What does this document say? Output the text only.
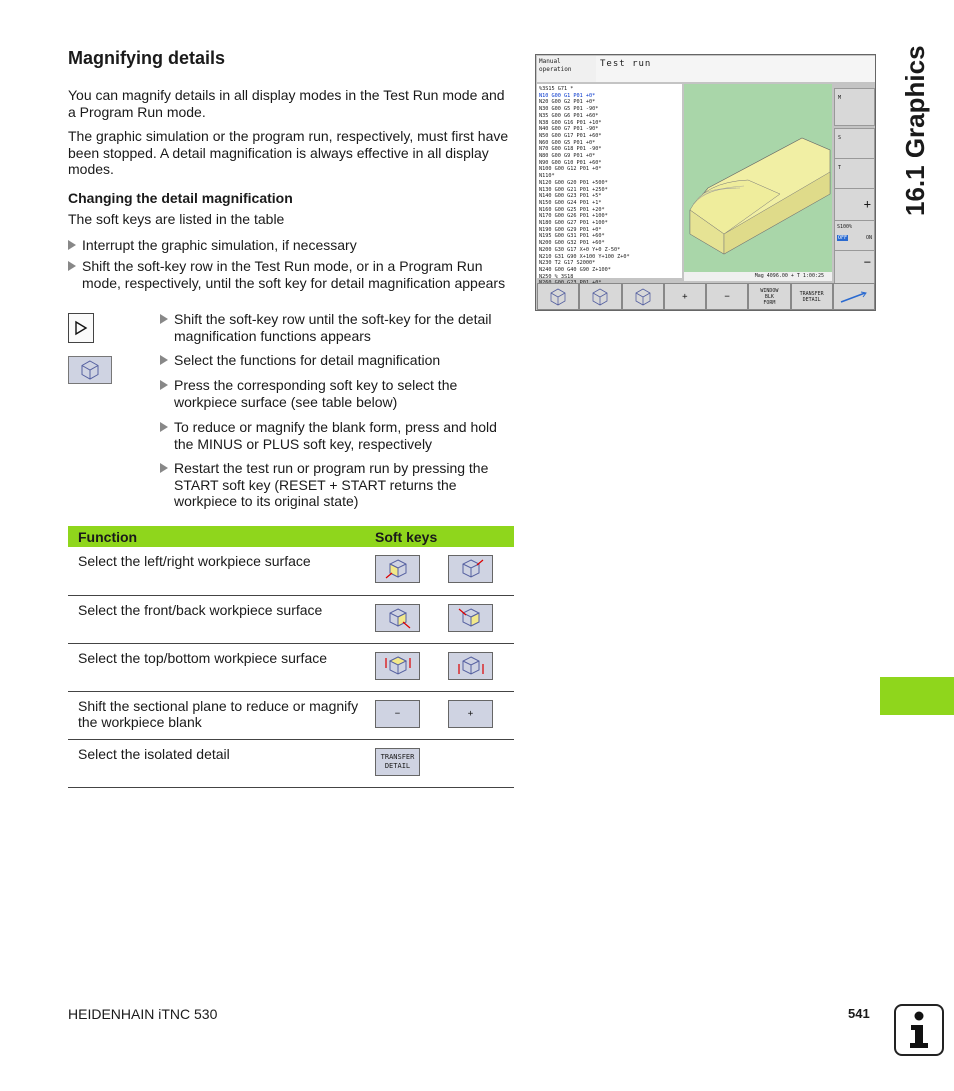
Magnifying details
You can magnify details in all display modes in the Test Run mode and a Program Run mode.
The graphic simulation or the program run, respectively, must first have been stopped. A detail magnification is always effective in all display modes.
Changing the detail magnification
The soft keys are listed in the table
Interrupt the graphic simulation, if necessary
Shift the soft-key row in the Test Run mode, or in a Program Run mode, respectively, until the soft key for detail magnification appears
Shift the soft-key row until the soft-key for the detail magnification functions appears
Select the functions for detail magnification
Press the corresponding soft key to select the workpiece surface (see table below)
To reduce or magnify the blank form, press and hold the MINUS or PLUS soft key, respectively
Restart the test run or program run by pressing the START soft key (RESET + START returns the workpiece to its original state)
Function	Soft keys	
Select the left/right workpiece surface	

Select the front/back workpiece surface	

Select the top/bottom workpiece surface	

Shift the sectional plane to reduce or magnify the workpiece blank	−	+

Select the isolated detail	TRANSFER
DETAIL	

Manual
operation
Test run
%3S15 G71 *
N10 G00 G1 P01 +0*
N20 G00 G2 P01 +0*
N30 G00 G5 P01 -90*
N35 G00 G6 P01 +60*
N38 G00 G16 P01 +10*
N40 G00 G7 P01 -90*
N50 G00 G17 P01 +60*
N60 G00 G5 P01 +0*
N70 G00 G18 P01 -90*
N80 G00 G9 P01 +0*
N90 G00 G10 P01 +60*
N100 G00 G12 P01 +0*
N110*
N120 G00 G20 P01 +500*
N130 G00 G21 P01 +250*
N140 G00 G23 P01 +5*
N150 G00 G24 P01 +1*
N160 G00 G25 P01 +20*
N170 G00 G26 P01 +100*
N180 G00 G27 P01 +100*
N190 G00 G29 P01 +0*
N195 G00 G31 P01 +60*
N200 G00 G32 P01 +60*
N200 G30 G17 X+0 Y+0 Z-50*
N210 G31 G90 X+100 Y+100 Z+0*
N230 T2 G17 S2000*
N240 G00 G40 G90 Z+100*
N250 % 3S18	Mag 4096.00 + T 1:00:25
M
S
T
+
S100%
OFF	ON
−
+	−
WINDOW
BLK
FORM
TRANSFER
DETAIL
16.1 Graphics
HEIDENHAIN iTNC 530	541
